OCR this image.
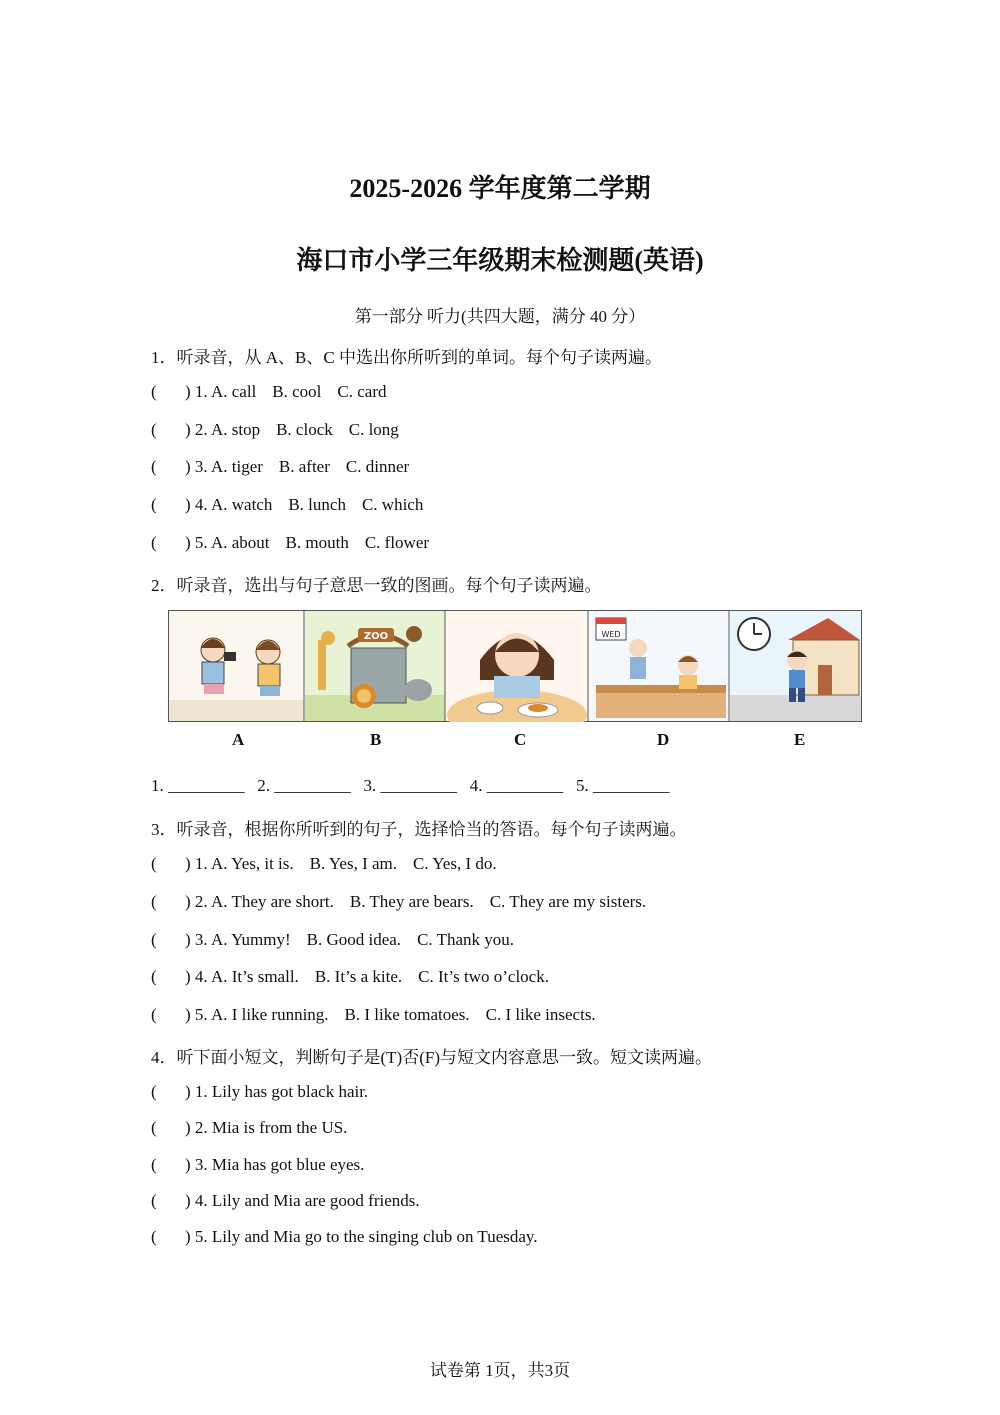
2025-2026 学年度第二学期
海口市小学三年级期末检测题(英语)
第一部分 听力(共四大题，满分 40 分）
1．听录音，从 A、B、C 中选出你所听到的单词。每个句子读两遍。
( ) 1. A. call B. cool C. card
( ) 2. A. stop B. clock C. long
( ) 3. A. tiger B. after C. dinner
( ) 4. A. watch B. lunch C. which
( ) 5. A. about B. mouth C. flower
2．听录音，选出与句子意思一致的图画。每个句子读两遍。
ZOO	WED
A	B	C	D	E
1. _________   2. _________   3. _________   4. _________   5. _________
3．听录音，根据你所听到的句子，选择恰当的答语。每个句子读两遍。
( ) 1. A. Yes, it is. B. Yes, I am. C. Yes, I do.
( ) 2. A. They are short. B. They are bears. C. They are my sisters.
( ) 3. A. Yummy! B. Good idea. C. Thank you.
( ) 4. A. It’s small. B. It’s a kite. C. It’s two o’clock.
( ) 5. A. I like running. B. I like tomatoes. C. I like insects.
4．听下面小短文，判断句子是(T)否(F)与短文内容意思一致。短文读两遍。
( ) 1. Lily has got black hair.
( ) 2. Mia is from the US.
( ) 3. Mia has got blue eyes.
( ) 4. Lily and Mia are good friends.
( ) 5. Lily and Mia go to the singing club on Tuesday.
试卷第 1页，共3页
